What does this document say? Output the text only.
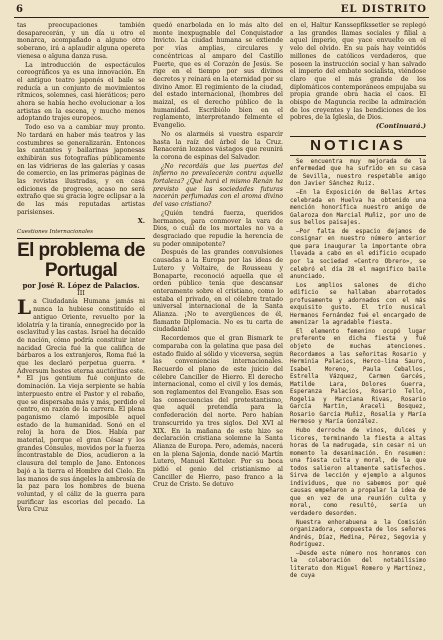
6	EL DISTRITO

tas preocupaciones también desaparecerán, y un día u otro el monarca, acompañado a alguno otro soberano, irá a aplaudir alguna opereta vienesa o alguna danza rusa.

La introducción de espectáculos coreográficos ya es una innovación. En el antiguo teatro japonés el baile se reducía a un conjunto de movimientos rítmicos, solemnes, casi hieráticos; pero ahora se había hecho evolucionar a los artistas en la escena, y mucho menos adoptando trajes europeos.

Todo eso va a cambiar muy pronto. No tardará en haber más teatros y las costumbres se generalizarán. Entonces las cantantes y bailarinas japonesas exhibirán sus fotografías públicamente en las vidrieras de las galerías y casas de comercio, en las primeras páginas de las revistas ilustradas, y en casa ediciones de progreso, acaso no será extraño que su gracia logre eclipsar a la de las más reputadas artistas parisienses.

X.
Cuestiones Internacionales
El problema de Portugal
por José R. López de Palacios.
III

La Ciudadanía Humana jamás ni nunca la hubiese constituído el antiguo Oriente, revuelto por la idolatría y la tiranía, ennegrecido por la esclavitud y las castas. Israel ha decaído de nación, cómo podría constituir inter nacidad Grecia fué la que califica de bárbaros a los extranjeros, Roma fué la que les declaró perpetua guerra. * Adversum hostes eterna auctóritas este. * El jus gentium fué conjunto de dominación. La vieja serpiente se había interpuesto entre el Pastor y el rebaño, que se dispersaba más y más, perdido el centro, en razón de la carrera. El plena paganismo clamó imposible aquel estado de la humanidad. Sonó en el reloj la hora de Dios. Había par material, porque el gran César y los grandes Cónsules, movidos por la fuerza incontrastable de Dios, acudieron a la clausura del templo de Jano. Entonces bajó a la tierra el Hombre del Cielo. En las manos de sus ángeles la ambrosía de la paz para los hombres de buena voluntad, y el cáliz de la guerra para purificar las escorias del pecado. La Vera Cruz

quedó enarbolada en lo más alto del monte inexpugnable del Conquistador Invicto. La ciudad humana se extiende por vías amplias, circulares y concéntricas al amparo del Castillo Fuerte, que es el Corazón de Jesús. Se rige en el tiempo por sus divinos decretos y reinará en la eternidad por su divino Amor. El regimiento de la ciudad, del estado internacional, (hombres del maizal, es el derecho público de la humanidad. Escribiólo bien en el reglamento, interpretando felmente el Evangelio.

No os alarméis si vuestra esparcir hasta la raíz del árbol de la Cruz. Renacerán lozanos vástagos que reunirá la corona de espinas del Salvador.

¿No recordáis que las puertas del infierno no prevalecerán contra aquella fortaleza? ¿Qué hará el mismo Renán ha previsto que las sociedades futuras nacerán perfumadas con el aroma divino del vaso cristiano?

¿Quién tendrá fuerza, queridos hermanos, para conmover la vara de Dios, o cuál de los mortales no va a desgraciado que repudie la herencia de su poder omnipotente?

Después de las grandes convulsiones causadas a la Europa por las ideas de Lutero y Voltaire, de Rousseau y Bonaparte, reconoció aquella que el orden público tenía que descansar enteramente sobre el cristiano, como lo estaba el privado, en el célebre tratado universal internacional de la Santa Alianza. ¡No te avergüences de él, flamante Diplomacia. No es tu carta de ciudadanía!

Recordemos que el gran Bismark te comparaba con la gelatina que pasa del estado fluido al sólido y viceversa, según las conveniencias internacionales. Recuerdo el plano de este juicio del célebre Canciller de Hierro. El derecho internacional, como el civil y los demás, son reglamentos del Evangelio. Esas son las consecuencias del protestantismo, que aquél pretendía para la confederación del norte. Pero habían transcurrido ya tres siglos. Del XVI al XIX. En la mañana de este hizo se declaración cristiana solemne la Santa Alianza de Europa. Pero, además, nacerá en la plena Sajonia, donde nació Martín Lutero, Manuel Ketteler. Por su boca pidió el genio del cristianismo al Canciller de Hierro, paso franco a la Cruz de Cristo. Se detuvo

en el, Haltur Kanssepfikssetler se replegó a las grandes llamas sociales y filial a aquel imperio, que yace envuelto en el velo del olvido. En su país hay veintidós millones de católicos verdaderos, que poseen la instrucción social y han salvado el imperio del embate socialista, viéndose claro que el más grande de los diplomáticos contemporáneos empujaba su propia grande obra hacia el caos. El obispo de Maguncia recibe la admiración de los creyentes y las bendiciones de los pobres, de la Iglesia, de Dios.

(Continuará.)
NOTICIAS

Se encuentra muy mejorada de la enfermedad que ha sufrido en su casa de Sevilla, nuestro respetable amigo don Javier Sánchez Ruiz.

—En la Exposición de Bellas Artes celebrada en Huelva ha obtenido una mención honorífica nuestro amigo de Galaroza don Marcial Muñiz, por uno de sus bellos paisajes.

—Por falta de espacio dejamos de consignar en nuestro número anterior que para inaugurar la importante obra llevada a cabo en el edificio ocupado por la sociedad «Centro Obrero», se celebró el día 28 el magnífico baile anunciado.

Los amplios salones de dicho edificio se hallaban abarrotados profusamente y adornados con el más exquisito gusto. El trío musical Hermanos Fernández fué el encargado de amenizar la agradable fiesta.

El elemento femenino ocupó lugar preferente en dicha fiesta y fué objeto de muchas atenciones. Recordamos a las señoritas Rosario y Herminia Palacios, Herco-lina Sauro, Isabel Moreno, Paula Ceballos, Estrella Vázquez, Carmen Garcés, Matilde Lara, Dolores Guerra, Esperanza Palacios, Rosario Tello, Rogelia y Marciana Rivas, Rosario García Martín, Araceli Bosquez, Rosario García Muñiz, Rosalía y María Hermoso y María González.

Hubo derroche de vinos, dulces y licores, terminando la fiesta a altas horas de la madrugada, sin cesar ni un momento la desanimación. En resumen: una fiesta culta y moral, de la que todos salieron altamente satisfechos. Sirva de lección y ejemplo a algunos individuos, que no sabemos por qué causas empeñaron a propalar la idea de que en vez de una reunión culta y moral, como resultó, sería un verdadero desorden.

Nuestra enhorabuena a la Comisión organizadora, compuesta de los señores Andrés, Díaz, Medina, Pérez, Segovia y Rodríguez.

—Desde este número nos honramos con la colaboración del notabilísimo literato don Miguel Romero y Martínez, de cuya
